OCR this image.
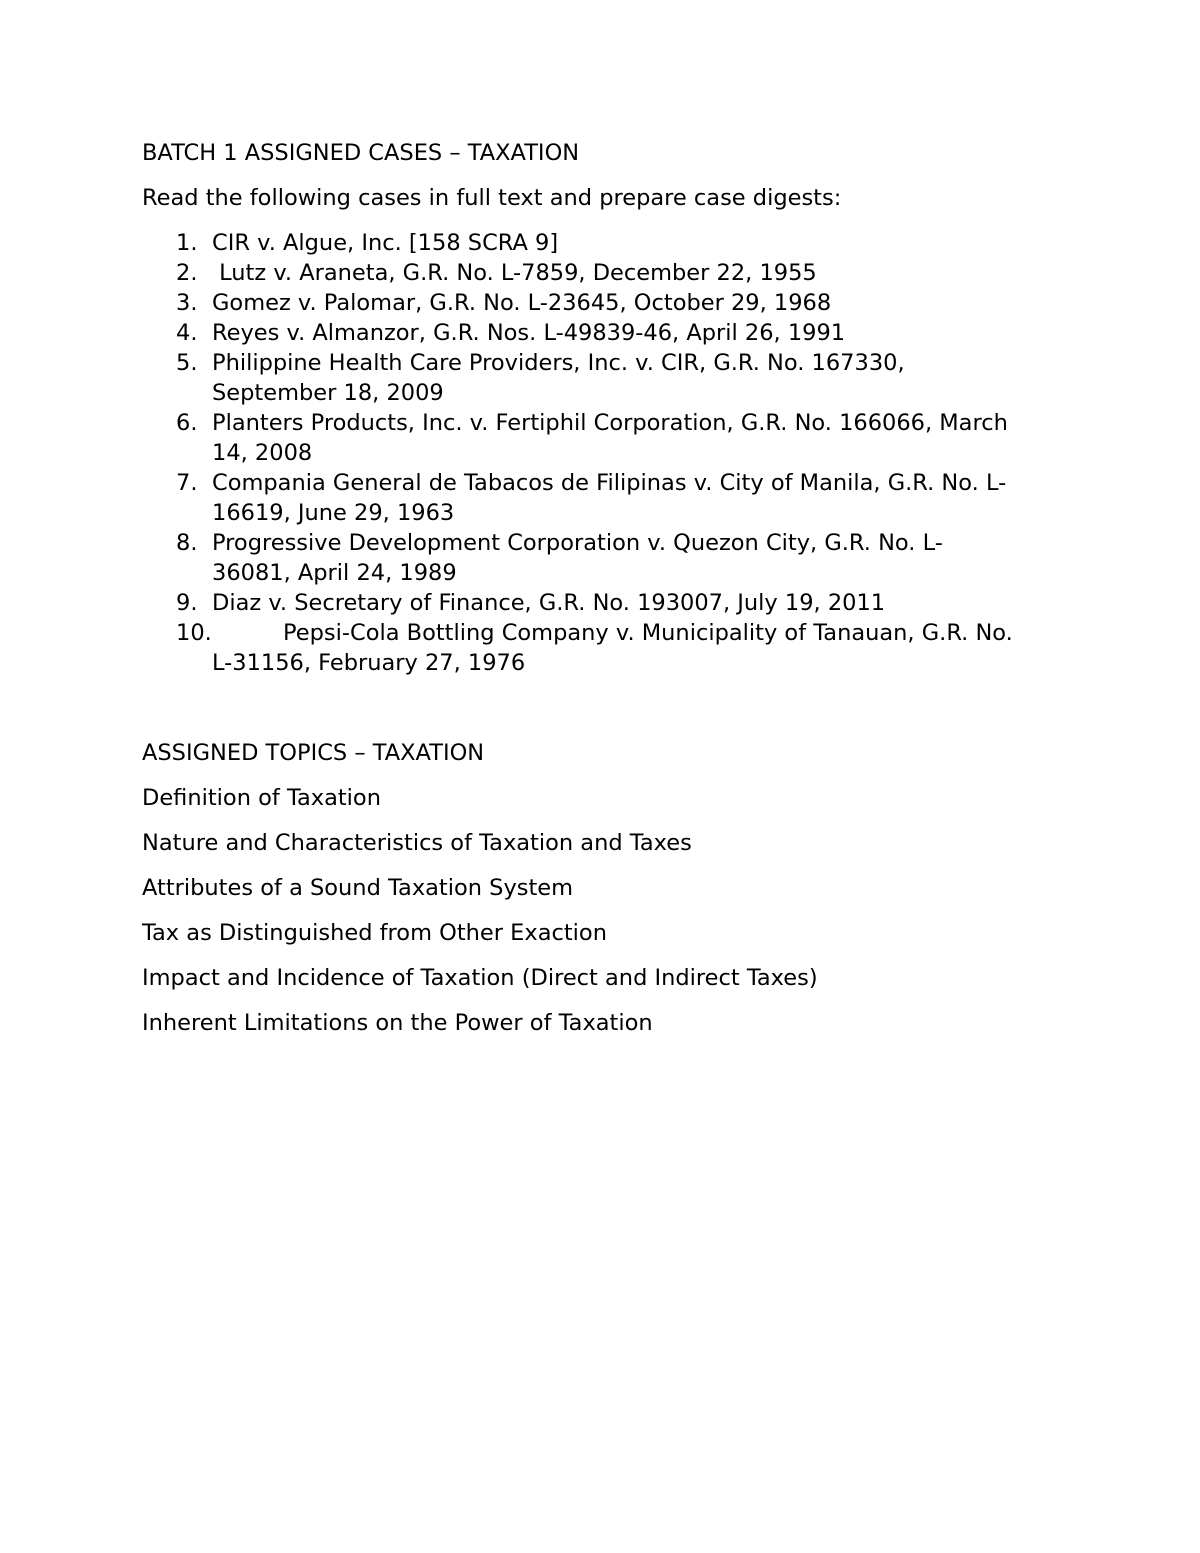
BATCH 1 ASSIGNED CASES – TAXATION
Read the following cases in full text and prepare case digests:
1. CIR v. Algue, Inc. [158 SCRA 9]
2. Lutz v. Araneta, G.R. No. L-7859, December 22, 1955
3. Gomez v. Palomar, G.R. No. L-23645, October 29, 1968
4. Reyes v. Almanzor, G.R. Nos. L-49839-46, April 26, 1991
5. Philippine Health Care Providers, Inc. v. CIR, G.R. No. 167330,
September 18, 2009
6. Planters Products, Inc. v. Fertiphil Corporation, G.R. No. 166066, March
14, 2008
7. Compania General de Tabacos de Filipinas v. City of Manila, G.R. No. L-
16619, June 29, 1963
8. Progressive Development Corporation v. Quezon City, G.R. No. L-
36081, April 24, 1989
9. Diaz v. Secretary of Finance, G.R. No. 193007, July 19, 2011
10.	Pepsi-Cola Bottling Company v. Municipality of Tanauan, G.R. No.
L-31156, February 27, 1976
ASSIGNED TOPICS – TAXATION
Definition of Taxation
Nature and Characteristics of Taxation and Taxes
Attributes of a Sound Taxation System
Tax as Distinguished from Other Exaction
Impact and Incidence of Taxation (Direct and Indirect Taxes)
Inherent Limitations on the Power of Taxation
